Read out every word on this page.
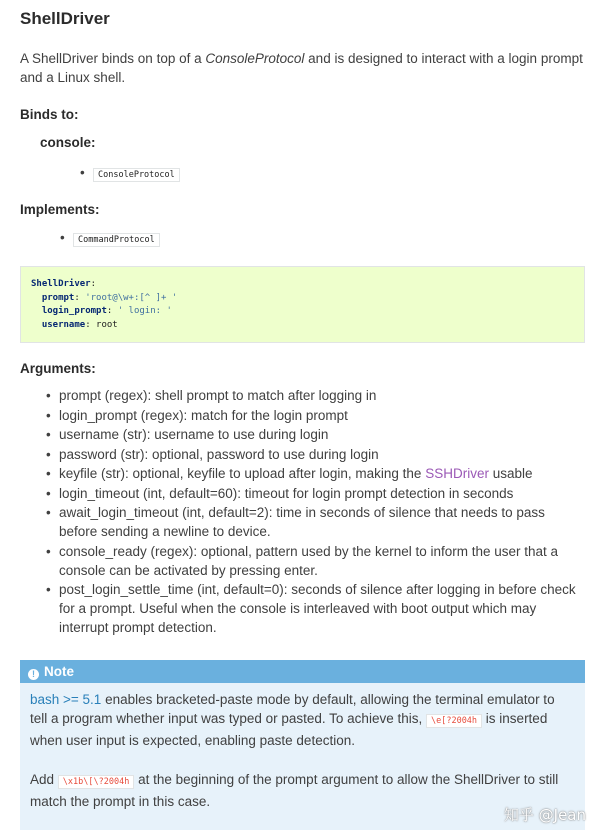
ShellDriver
A ShellDriver binds on top of a ConsoleProtocol and is designed to interact with a login prompt and a Linux shell.
Binds to:
console:
• ConsoleProtocol
Implements:
• CommandProtocol
ShellDriver:
prompt: 'root@\w+:[^ ]+ '
login_prompt: ' login: '
username: root
Arguments:
• prompt (regex): shell prompt to match after logging in
• login_prompt (regex): match for the login prompt
• username (str): username to use during login
• password (str): optional, password to use during login
• keyfile (str): optional, keyfile to upload after login, making the SSHDriver usable
• login_timeout (int, default=60): timeout for login prompt detection in seconds
• await_login_timeout (int, default=2): time in seconds of silence that needs to pass before sending a newline to device.
• console_ready (regex): optional, pattern used by the kernel to inform the user that a console can be activated by pressing enter.
• post_login_settle_time (int, default=0): seconds of silence after logging in before check for a prompt. Useful when the console is interleaved with boot output which may interrupt prompt detection.
! Note

bash >= 5.1 enables bracketed-paste mode by default, allowing the terminal emulator to tell a program whether input was typed or pasted. To achieve this, \e[?2004h is inserted when user input is expected, enabling paste detection.

Add \x1b\[\?2004h at the beginning of the prompt argument to allow the ShellDriver to still match the prompt in this case.

知乎 @Jean
